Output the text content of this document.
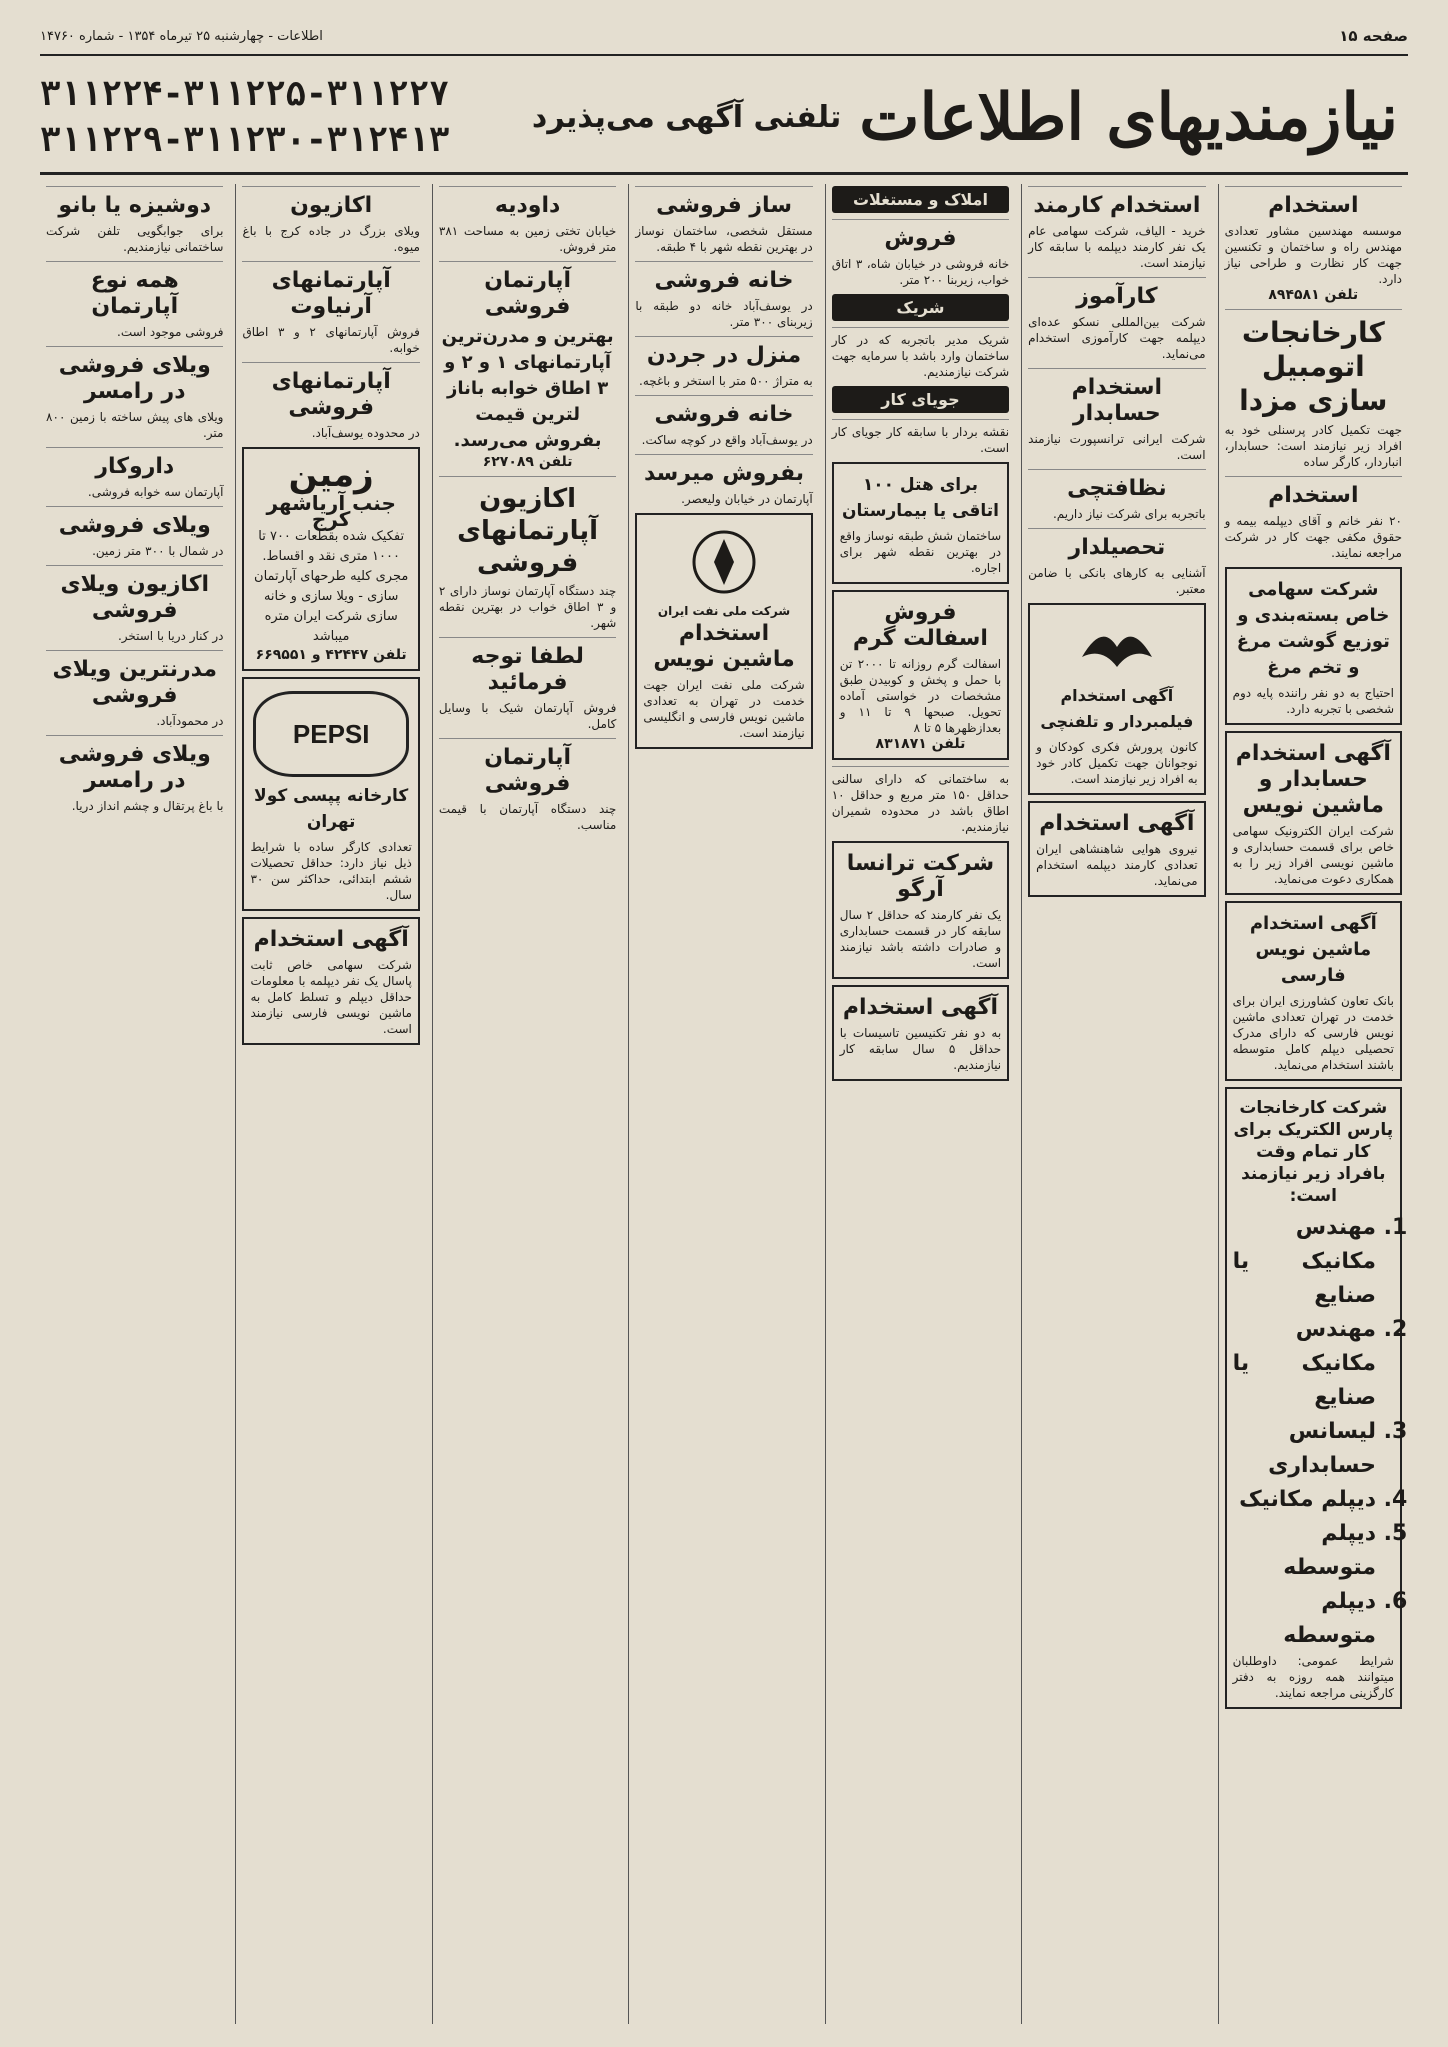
صفحه ۱۵
اطلاعات - چهارشنبه ۲۵ تیرماه ۱۳۵۴ - شماره ۱۴۷۶۰
نیازمندیهای اطلاعات
تلفنی آگهی می‌پذیرد
۳۱۱۲۲۴-۳۱۱۲۲۵-۳۱۱۲۲۷
۳۱۱۲۲۹-۳۱۱۲۳۰-۳۱۲۴۱۳
استخدام
موسسه مهندسین مشاور تعدادی مهندس راه و ساختمان و تکنسین جهت کار نظارت و طراحی نیاز دارد.
تلفن ۸۹۴۵۸۱
کارخانجات اتومبیل سازی مزدا
جهت تکمیل کادر پرسنلی خود به افراد زیر نیازمند است: حسابدار، انباردار، کارگر ساده
استخدام
۲۰ نفر خانم و آقای دیپلمه بیمه و حقوق مکفی جهت کار در شرکت مراجعه نمایند.
شرکت سهامی خاص بسته‌بندی و توزیع گوشت مرغ و تخم مرغ
احتیاج به دو نفر راننده پایه دوم شخصی با تجربه دارد.
آگهی استخدام حسابدار و ماشین نویس
شرکت ایران الکترونیک سهامی خاص برای قسمت حسابداری و ماشین نویسی افراد زیر را به همکاری دعوت می‌نماید.
آگهی استخدام ماشین نویس فارسی
بانک تعاون کشاورزی ایران برای خدمت در تهران تعدادی ماشین نویس فارسی که دارای مدرک تحصیلی دیپلم کامل متوسطه باشند استخدام می‌نماید.
شرکت کارخانجات پارس الکتریک برای کار تمام وقت بافراد زیر نیازمند است:
1. مهندس مکانیک یا صنایع
2. مهندس مکانیک یا صنایع
3. لیسانس حسابداری
4. دیپلم مکانیک
5. دیپلم متوسطه
6. دیپلم متوسطه
شرایط عمومی: داوطلبان میتوانند همه روزه به دفتر کارگزینی مراجعه نمایند.
استخدام کارمند
خرید - الیاف، شرکت سهامی عام یک نفر کارمند دیپلمه با سابقه کار نیازمند است.
کارآموز
شرکت بین‌المللی نسکو عده‌ای دیپلمه جهت کارآموزی استخدام می‌نماید.
استخدام حسابدار
شرکت ایرانی ترانسپورت نیازمند است.
نظافتچی
باتجربه برای شرکت نیاز داریم.
تحصیلدار
آشنایی به کارهای بانکی با ضامن معتبر.
آگهی استخدام فیلمبردار و تلفنچی
کانون پرورش فکری کودکان و نوجوانان جهت تکمیل کادر خود به افراد زیر نیازمند است.
آگهی استخدام
نیروی هوایی شاهنشاهی ایران تعدادی کارمند دیپلمه استخدام می‌نماید.
املاک و مستغلات
فروش
خانه فروشی در خیابان شاه، ۳ اتاق خواب، زیربنا ۲۰۰ متر.
شریک
شریک مدیر باتجربه که در کار ساختمان وارد باشد با سرمایه جهت شرکت نیازمندیم.
جویای کار
نقشه بردار با سابقه کار جویای کار است.
برای هتل ۱۰۰ اتاقی یا بیمارستان
ساختمان شش طبقه نوساز واقع در بهترین نقطه شهر برای اجاره.
فروش اسفالت گرم
اسفالت گرم روزانه تا ۲۰۰۰ تن با حمل و پخش و کوبیدن طبق مشخصات در خواستی آماده تحویل. صبحها ۹ تا ۱۱ و بعدازظهرها ۵ تا ۸
تلفن ۸۳۱۸۷۱
به ساختمانی که دارای سالنی حداقل ۱۵۰ متر مربع و حداقل ۱۰ اطاق باشد در محدوده شمیران نیازمندیم.
شرکت ترانسا آرگو
یک نفر کارمند که حداقل ۲ سال سابقه کار در قسمت حسابداری و صادرات داشته باشد نیازمند است.
آگهی استخدام
به دو نفر تکنیسین تاسیسات با حداقل ۵ سال سابقه کار نیازمندیم.
ساز فروشی
مستقل شخصی، ساختمان نوساز در بهترین نقطه شهر با ۴ طبقه.
خانه فروشی
در یوسف‌آباد خانه دو طبقه با زیربنای ۳۰۰ متر.
منزل در جردن
به متراژ ۵۰۰ متر با استخر و باغچه.
خانه فروشی
در یوسف‌آباد واقع در کوچه ساکت.
بفروش میرسد
آپارتمان در خیابان ولیعصر.
شرکت ملی نفت ایران
استخدام ماشین نویس
شرکت ملی نفت ایران جهت خدمت در تهران به تعدادی ماشین نویس فارسی و انگلیسی نیازمند است.
داودیه
خیابان تختی زمین به مساحت ۳۸۱ متر فروش.
آپارتمان فروشی
بهترین و مدرن‌ترین آپارتمانهای ۱ و ۲ و ۳ اطاق خوابه باناز لترین قیمت بفروش می‌رسد.
تلفن ۶۲۷۰۸۹
اکازیون آپارتمانهای فروشی
چند دستگاه آپارتمان نوساز دارای ۲ و ۳ اطاق خواب در بهترین نقطه شهر.
لطفا توجه فرمائید
فروش آپارتمان شیک با وسایل کامل.
آپارتمان فروشی
چند دستگاه آپارتمان با قیمت مناسب.
اکازیون
ویلای بزرگ در جاده کرج با باغ میوه.
آپارتمانهای آرنیاوت
فروش آپارتمانهای ۲ و ۳ اطاق خوابه.
آپارتمانهای فروشی
در محدوده یوسف‌آباد.
زمین
جنب آریاشهر کرج
تفکیک شده بقطعات ۷۰۰ تا ۱۰۰۰ متری نقد و اقساط. مجری کلیه طرحهای آپارتمان سازی - ویلا سازی و خانه سازی شرکت ایران متره میباشد
تلفن ۴۲۴۴۷ و ۶۶۹۵۵۱
PEPSI
کارخانه پپسی کولا تهران
تعدادی کارگر ساده با شرایط ذیل نیاز دارد: حداقل تحصیلات ششم ابتدائی، حداکثر سن ۳۰ سال.
آگهی استخدام
شرکت سهامی خاص ثابت پاسال یک نفر دیپلمه با معلومات حداقل دیپلم و تسلط کامل به ماشین نویسی فارسی نیازمند است.
دوشیزه یا بانو
برای جوابگویی تلفن شرکت ساختمانی نیازمندیم.
همه نوع آپارتمان
فروشی موجود است.
ویلای فروشی در رامسر
ویلای های پیش ساخته با زمین ۸۰۰ متر.
داروکار
آپارتمان سه خوابه فروشی.
ویلای فروشی
در شمال با ۳۰۰ متر زمین.
اکازیون ویلای فروشی
در کنار دریا با استخر.
مدرنترین ویلای فروشی
در محمودآباد.
ویلای فروشی در رامسر
با باغ پرتقال و چشم انداز دریا.
